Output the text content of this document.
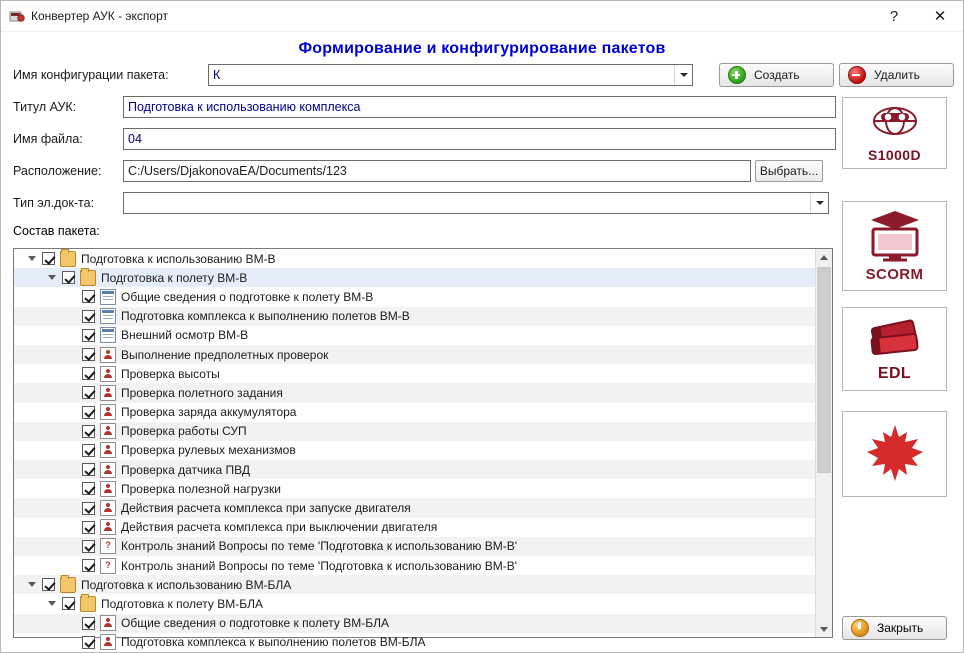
Конвертер АУК - экспорт	?	✕
Формирование и конфигурирование пакетов
Имя конфигурации пакета:	К
Титул АУК:	Подготовка к использованию комплекса
Имя файла:	04
Расположение:	C:/Users/DjakonovaEA/Documents/123	Выбрать...
Тип эл.док-та:
Создать	Удалить
S1000D
SCORM
EDL
Состав пакета:
Подготовка к использованию ВМ-В
Подготовка к полету ВМ-В
Общие сведения о подготовке к полету ВМ-В
Подготовка комплекса к выполнению полетов ВМ-В
Внешний осмотр ВМ-В
Выполнение предполетных проверок
Проверка высоты
Проверка полетного задания
Проверка заряда аккумулятора
Проверка работы СУП
Проверка рулевых механизмов
Проверка датчика ПВД
Проверка полезной нагрузки
Действия расчета комплекса при запуске двигателя
Действия расчета комплекса при выключении двигателя
?
Контроль знаний Вопросы по теме 'Подготовка к использованию ВМ-В'
?
Контроль знаний Вопросы по теме 'Подготовка к использованию ВМ-В'
Подготовка к использованию ВМ-БЛА
Подготовка к полету ВМ-БЛА
Общие сведения о подготовке к полету ВМ-БЛА
Подготовка комплекса к выполнению полетов ВМ-БЛА
Закрыть
